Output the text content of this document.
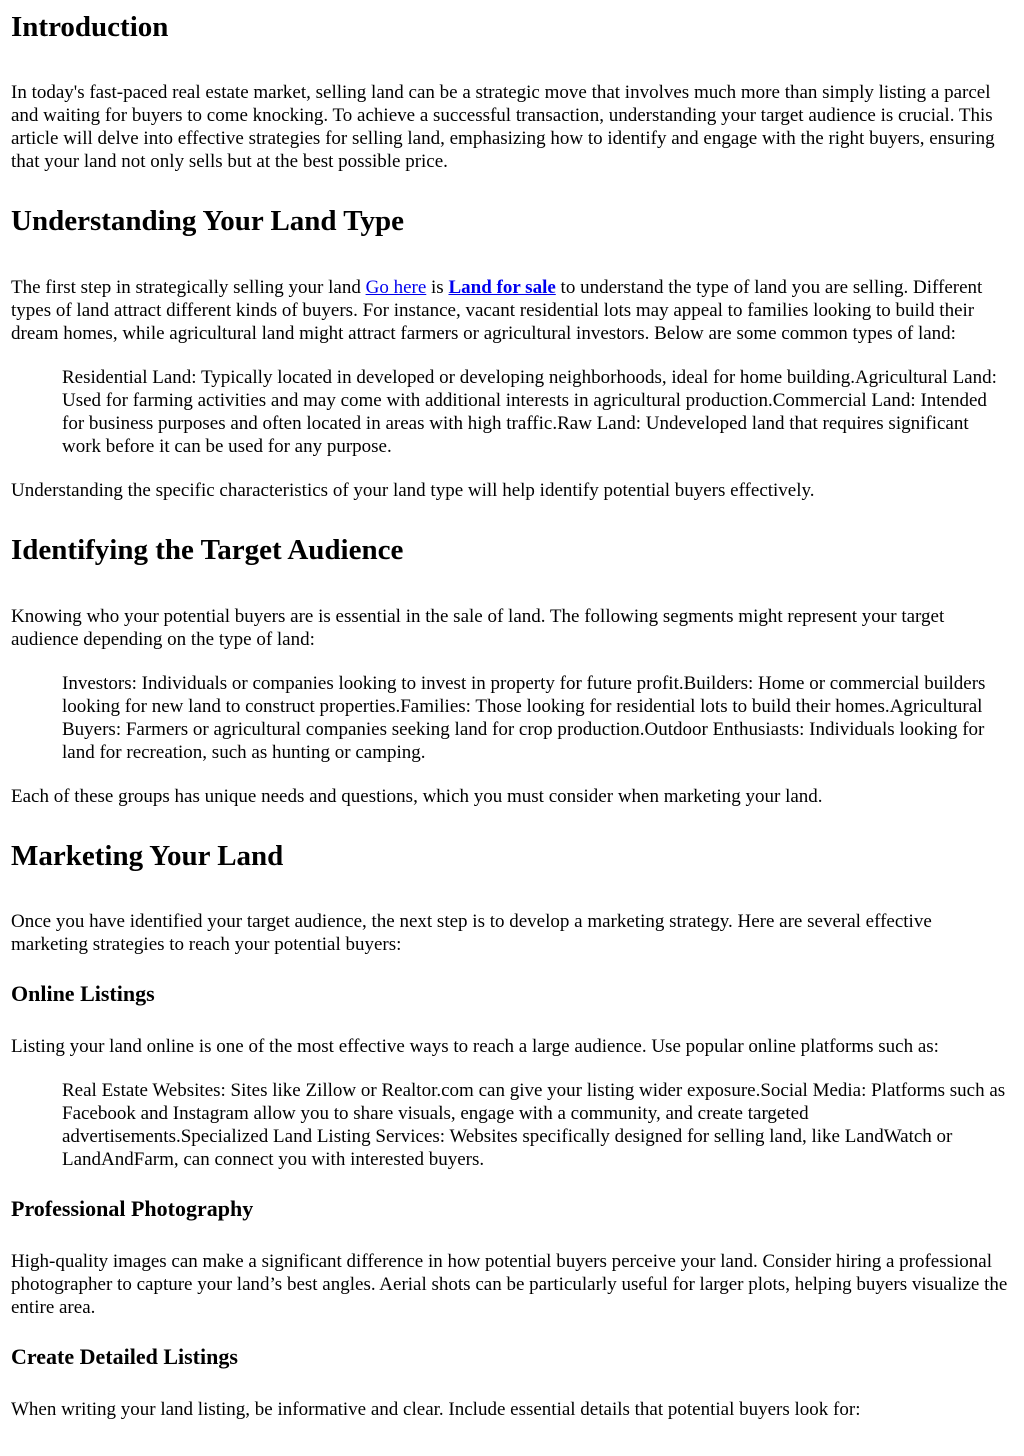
Introduction

In today's fast-paced real estate market, selling land can be a strategic move that involves much more than simply listing a parcel and waiting for buyers to come knocking. To achieve a successful transaction, understanding your target audience is crucial. This article will delve into effective strategies for selling land, emphasizing how to identify and engage with the right buyers, ensuring that your land not only sells but at the best possible price.

Understanding Your Land Type

The first step in strategically selling your land Go here is Land for sale to understand the type of land you are selling. Different types of land attract different kinds of buyers. For instance, vacant residential lots may appeal to families looking to build their dream homes, while agricultural land might attract farmers or agricultural investors. Below are some common types of land:

Residential Land: Typically located in developed or developing neighborhoods, ideal for home building.Agricultural Land: Used for farming activities and may come with additional interests in agricultural production.Commercial Land: Intended for business purposes and often located in areas with high traffic.Raw Land: Undeveloped land that requires significant work before it can be used for any purpose.

Understanding the specific characteristics of your land type will help identify potential buyers effectively.

Identifying the Target Audience

Knowing who your potential buyers are is essential in the sale of land. The following segments might represent your target audience depending on the type of land:

Investors: Individuals or companies looking to invest in property for future profit.Builders: Home or commercial builders looking for new land to construct properties.Families: Those looking for residential lots to build their homes.Agricultural Buyers: Farmers or agricultural companies seeking land for crop production.Outdoor Enthusiasts: Individuals looking for land for recreation, such as hunting or camping.

Each of these groups has unique needs and questions, which you must consider when marketing your land.

Marketing Your Land

Once you have identified your target audience, the next step is to develop a marketing strategy. Here are several effective marketing strategies to reach your potential buyers:

Online Listings

Listing your land online is one of the most effective ways to reach a large audience. Use popular online platforms such as:

Real Estate Websites: Sites like Zillow or Realtor.com can give your listing wider exposure.Social Media: Platforms such as Facebook and Instagram allow you to share visuals, engage with a community, and create targeted advertisements.Specialized Land Listing Services: Websites specifically designed for selling land, like LandWatch or LandAndFarm, can connect you with interested buyers.

Professional Photography

High-quality images can make a significant difference in how potential buyers perceive your land. Consider hiring a professional photographer to capture your land’s best angles. Aerial shots can be particularly useful for larger plots, helping buyers visualize the entire area.

Create Detailed Listings

When writing your land listing, be informative and clear. Include essential details that potential buyers look for:
